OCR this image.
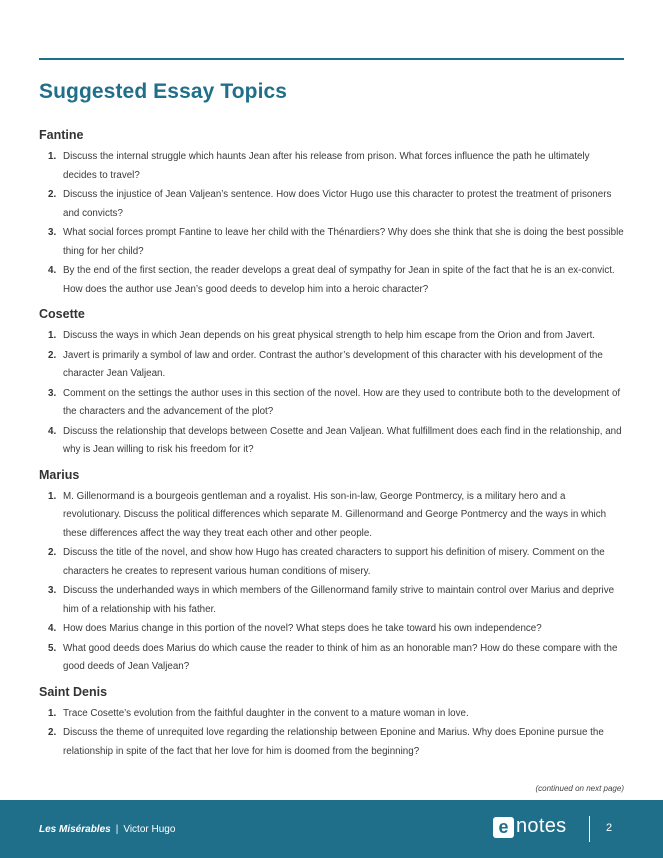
Suggested Essay Topics
Fantine
1. Discuss the internal struggle which haunts Jean after his release from prison. What forces influence the path he ultimately decides to travel?
2. Discuss the injustice of Jean Valjean’s sentence. How does Victor Hugo use this character to protest the treatment of prisoners and convicts?
3. What social forces prompt Fantine to leave her child with the Thénardiers? Why does she think that she is doing the best possible thing for her child?
4. By the end of the first section, the reader develops a great deal of sympathy for Jean in spite of the fact that he is an ex-convict. How does the author use Jean’s good deeds to develop him into a heroic character?
Cosette
1. Discuss the ways in which Jean depends on his great physical strength to help him escape from the Orion and from Javert.
2. Javert is primarily a symbol of law and order. Contrast the author’s development of this character with his development of the character Jean Valjean.
3. Comment on the settings the author uses in this section of the novel. How are they used to contribute both to the development of the characters and the advancement of the plot?
4. Discuss the relationship that develops between Cosette and Jean Valjean. What fulfillment does each find in the relationship, and why is Jean willing to risk his freedom for it?
Marius
1. M. Gillenormand is a bourgeois gentleman and a royalist. His son-in-law, George Pontmercy, is a military hero and a revolutionary. Discuss the political differences which separate M. Gillenormand and George Pontmercy and the ways in which these differences affect the way they treat each other and other people.
2. Discuss the title of the novel, and show how Hugo has created characters to support his definition of misery. Comment on the characters he creates to represent various human conditions of misery.
3. Discuss the underhanded ways in which members of the Gillenormand family strive to maintain control over Marius and deprive him of a relationship with his father.
4. How does Marius change in this portion of the novel? What steps does he take toward his own independence?
5. What good deeds does Marius do which cause the reader to think of him as an honorable man? How do these compare with the good deeds of Jean Valjean?
Saint Denis
1. Trace Cosette’s evolution from the faithful daughter in the convent to a mature woman in love.
2. Discuss the theme of unrequited love regarding the relationship between Eponine and Marius. Why does Eponine pursue the relationship in spite of the fact that her love for him is doomed from the beginning?
(continued on next page)
Les Misérables | Victor Hugo	e notes	2
